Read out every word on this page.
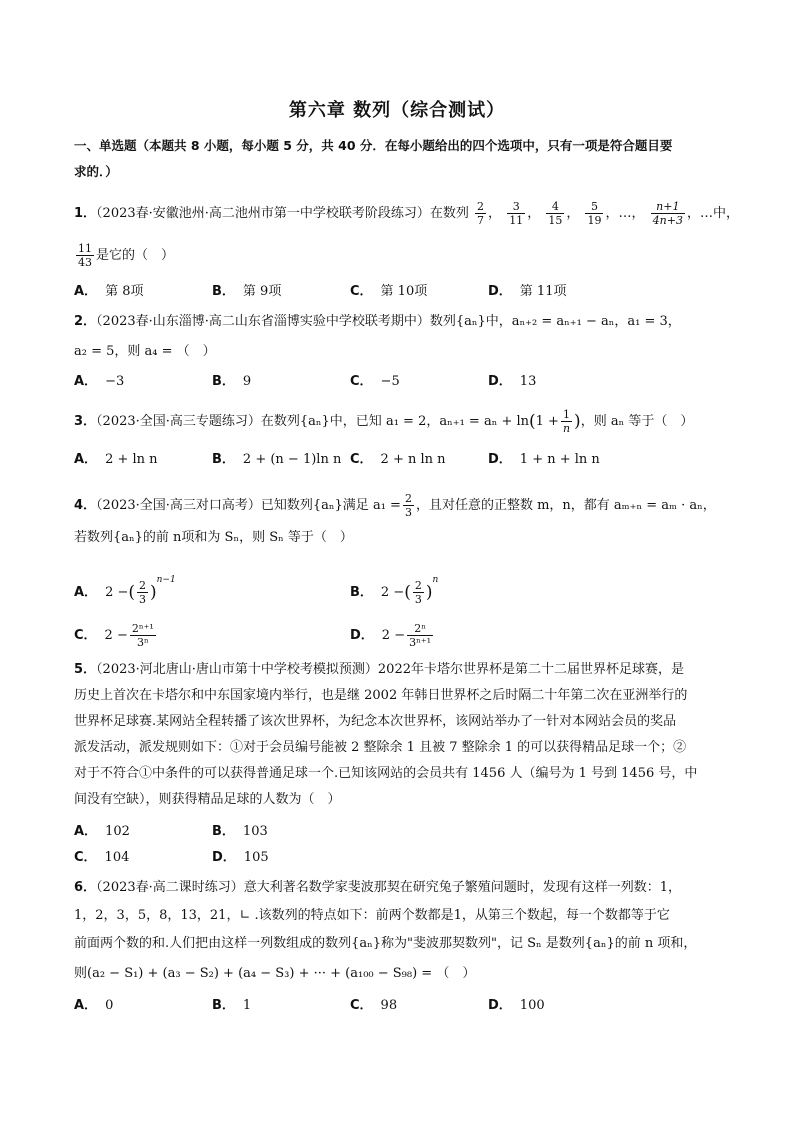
第六章 数列（综合测试）
一、单选题（本题共 8 小题，每小题 5 分，共 40 分．在每小题给出的四个选项中，只有一项是符合题目要
求的．）
1．（2023春·安徽池州·高二池州市第一中学校联考阶段练习）在数列 $\frac{2}{7}$ ， $\frac{3}{11}$ ， $\frac{4}{15}$ ， $\frac{5}{19}$ ，…， $\frac{n+1}{4n+3}$ ，…中，
$\frac{11}{43}$ 是它的（　）
A． 第 8项	B． 第 9项	C． 第 10项	D． 第 11项
2．（2023春·山东淄博·高二山东省淄博实验中学校联考期中）数列{aₙ}中，aₙ₊₂ = aₙ₊₁ − aₙ，a₁ = 3，
a₂ = 5，则 a₄ = （　）
A． −3	B． 9	C． −5	D． 13
3．（2023·全国·高三专题练习）在数列{aₙ}中，已知 a₁ = 2，$a_{n+1} = a_n + \ln(1 + \frac{1}{n}$ )，则 aₙ 等于（　）
A． 2 + ln n	B． 2 + (n − 1)ln n C． 2 + n ln n	D． 1 + n + ln n
4．（2023·全国·高三对口高考）已知数列{aₙ}满足 $a_1 = \frac{2}{3}$ ，且对任意的正整数 m，n，都有 aₘ₊ₙ = aₘ · aₙ，
若数列{aₙ}的前 n项和为 Sₙ，则 Sₙ 等于（　）
A． 2 −( $\frac{2}{3} )^{n-1}$
B． 2 −( $\frac{2}{3} )^n$
C． $2 - \frac{\text{2ⁿ⁺¹}}{\text{3ⁿ}}$	D． $2 - \frac{\text{2ⁿ}}{\text{3ⁿ⁺¹}}$
5．（2023·河北唐山·唐山市第十中学校考模拟预测）2022年卡塔尔世界杯是第二十二届世界杯足球赛，是
历史上首次在卡塔尔和中东国家境内举行，也是继 2002 年韩日世界杯之后时隔二十年第二次在亚洲举行的
世界杯足球赛.某网站全程转播了该次世界杯，为纪念本次世界杯，该网站举办了一针对本网站会员的奖品
派发活动，派发规则如下：①对于会员编号能被 2 整除余 1 且被 7 整除余 1 的可以获得精品足球一个；②
对于不符合①中条件的可以获得普通足球一个.已知该网站的会员共有 1456 人（编号为 1 号到 1456 号，中
间没有空缺），则获得精品足球的人数为（　）
A． 102	B． 103
C． 104	D． 105
6．（2023春·高二课时练习）意大利著名数学家斐波那契在研究兔子繁殖问题时，发现有这样一列数：1，
1，2，3，5，8，13，21，∟ .该数列的特点如下：前两个数都是1，从第三个数起，每一个数都等于它
前面两个数的和.人们把由这样一列数组成的数列{aₙ}称为"斐波那契数列"，记 Sₙ 是数列{aₙ}的前 n 项和，
则(a₂ − S₁) + (a₃ − S₂) + (a₄ − S₃) + ··· + (a₁₀₀ − S₉₈) = （　）
A． 0	B． 1	C． 98	D． 100
